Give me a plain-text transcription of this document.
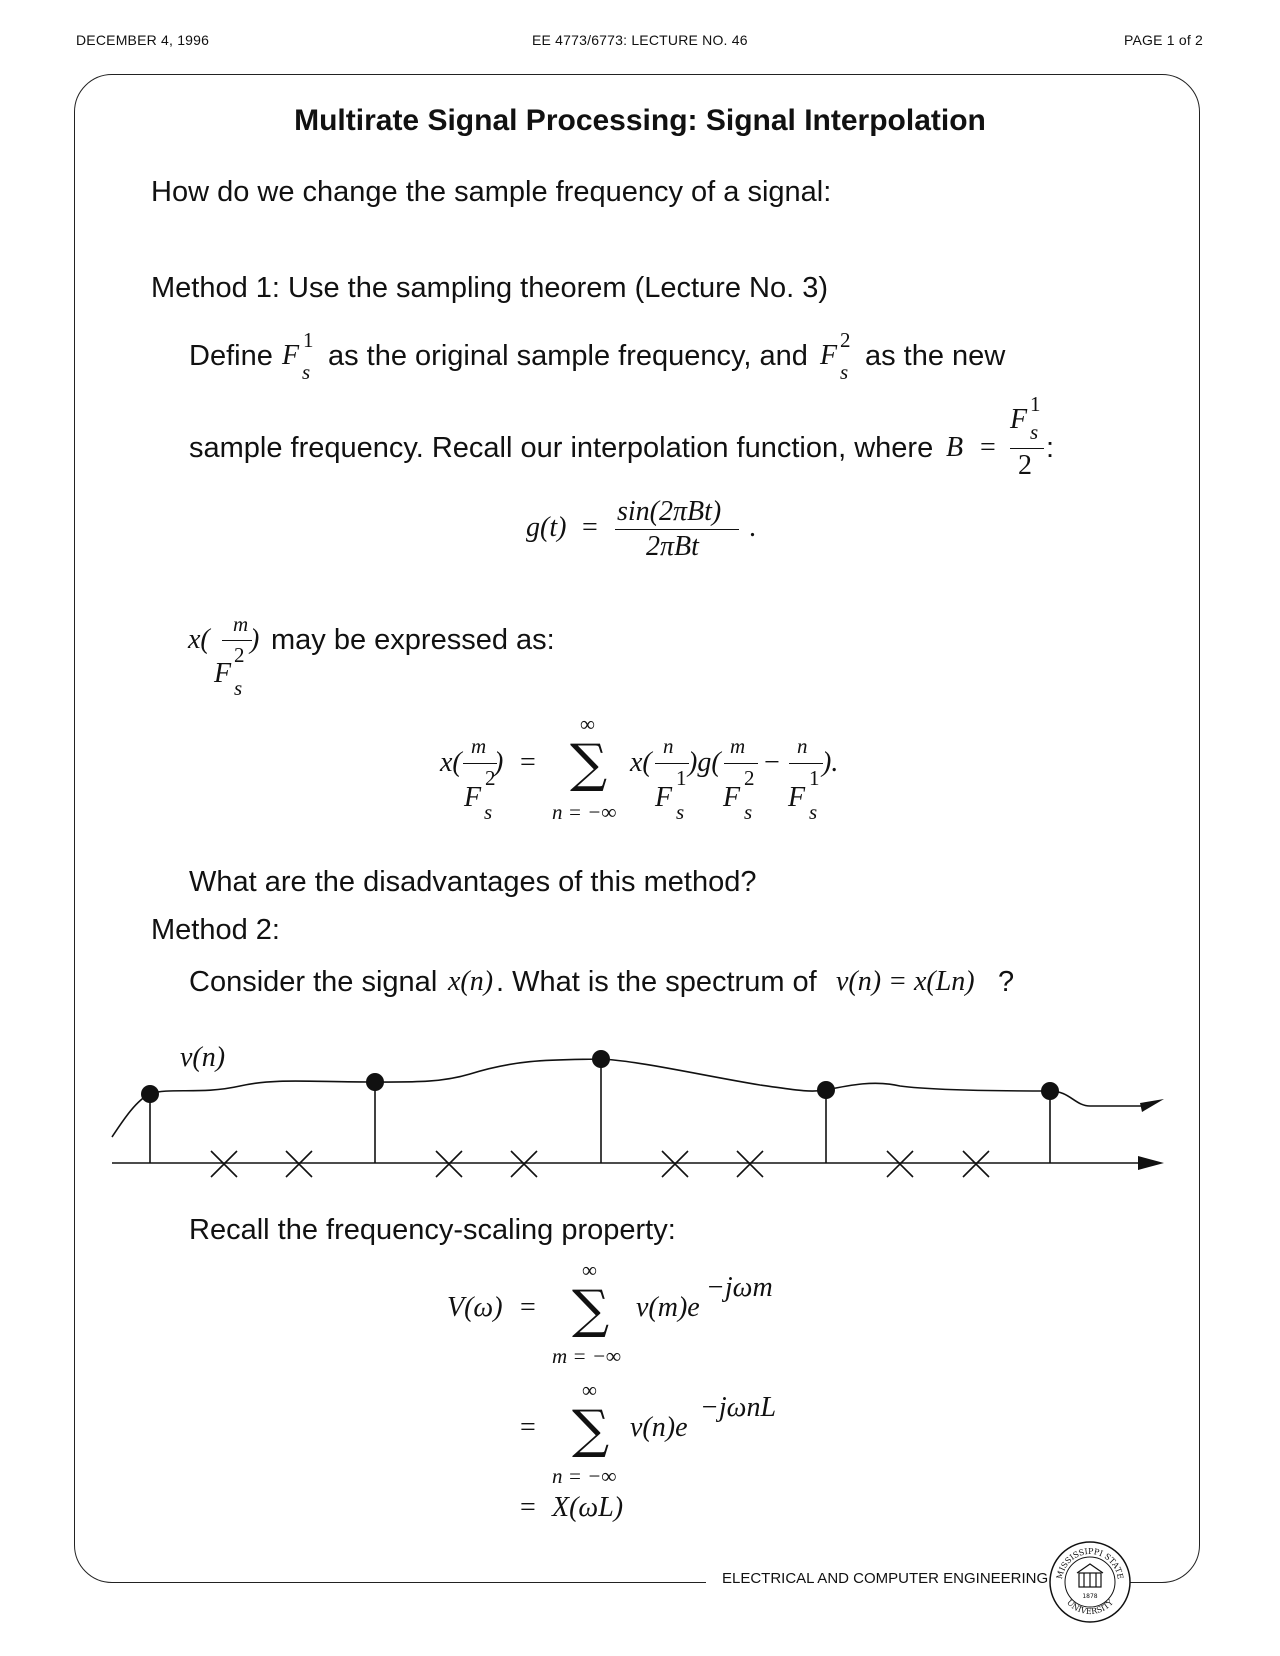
DECEMBER 4, 1996	EE 4773/6773: LECTURE NO. 46	PAGE 1 of 2
Multirate Signal Processing: Signal Interpolation
How do we change the sample frequency of a signal:
Method 1: Use the sampling theorem (Lecture No. 3)
Define F 1
s as the original sample frequency, and F 2
s as the new
sample frequency. Recall our interpolation function, where B =
F 1
s
2
:
g(t) =
sin(2πBt)
2πBt
.
x( m
F
2
s
) may be expressed as:
x(
m
F
2
s
) =
∞
∑
n = −∞
x(
n
F
1
s
)g(
m
F
2
s
−
n
F
1
s
).
What are the disadvantages of this method?
Method 2:
Consider the signal x(n) . What is the spectrum of v(n) = x(Ln) ?
v(n)
Recall the frequency-scaling property:
V(ω) =
∞
∑
m = −∞
v(m)e
−jωm
=
∞
∑
n = −∞
v(n)e
−jωnL
= X(ωL)
ELECTRICAL AND COMPUTER ENGINEERING MISSISSIPPI STATE
UNIVERSITY
1878
